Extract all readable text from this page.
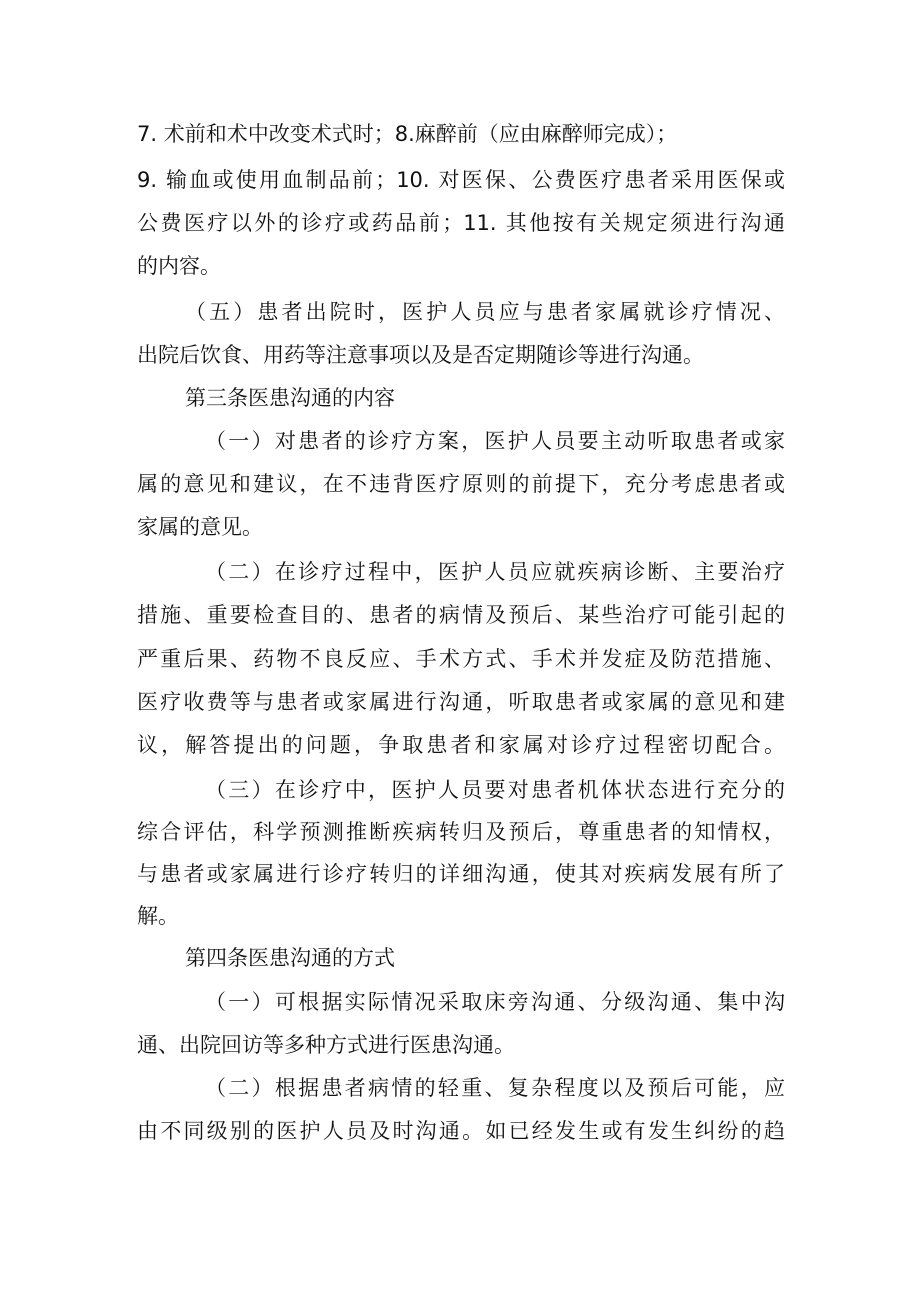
7. 术前和术中改变术式时；8.麻醉前（应由麻醉师完成）；
9. 输血或使用血制品前；10. 对医保、公费医疗患者采用医保或
公费医疗以外的诊疗或药品前；11. 其他按有关规定须进行沟通
的内容。
（五）患者出院时，医护人员应与患者家属就诊疗情况、
出院后饮食、用药等注意事项以及是否定期随诊等进行沟通。
第三条医患沟通的内容
（一）对患者的诊疗方案，医护人员要主动听取患者或家
属的意见和建议，在不违背医疗原则的前提下，充分考虑患者或
家属的意见。
（二）在诊疗过程中，医护人员应就疾病诊断、主要治疗
措施、重要检查目的、患者的病情及预后、某些治疗可能引起的
严重后果、药物不良反应、手术方式、手术并发症及防范措施、
医疗收费等与患者或家属进行沟通，听取患者或家属的意见和建
议，解答提出的问题，争取患者和家属对诊疗过程密切配合。
（三）在诊疗中，医护人员要对患者机体状态进行充分的
综合评估，科学预测推断疾病转归及预后，尊重患者的知情权，
与患者或家属进行诊疗转归的详细沟通，使其对疾病发展有所了
解。
第四条医患沟通的方式
（一）可根据实际情况采取床旁沟通、分级沟通、集中沟
通、出院回访等多种方式进行医患沟通。
（二）根据患者病情的轻重、复杂程度以及预后可能，应
由不同级别的医护人员及时沟通。如已经发生或有发生纠纷的趋
